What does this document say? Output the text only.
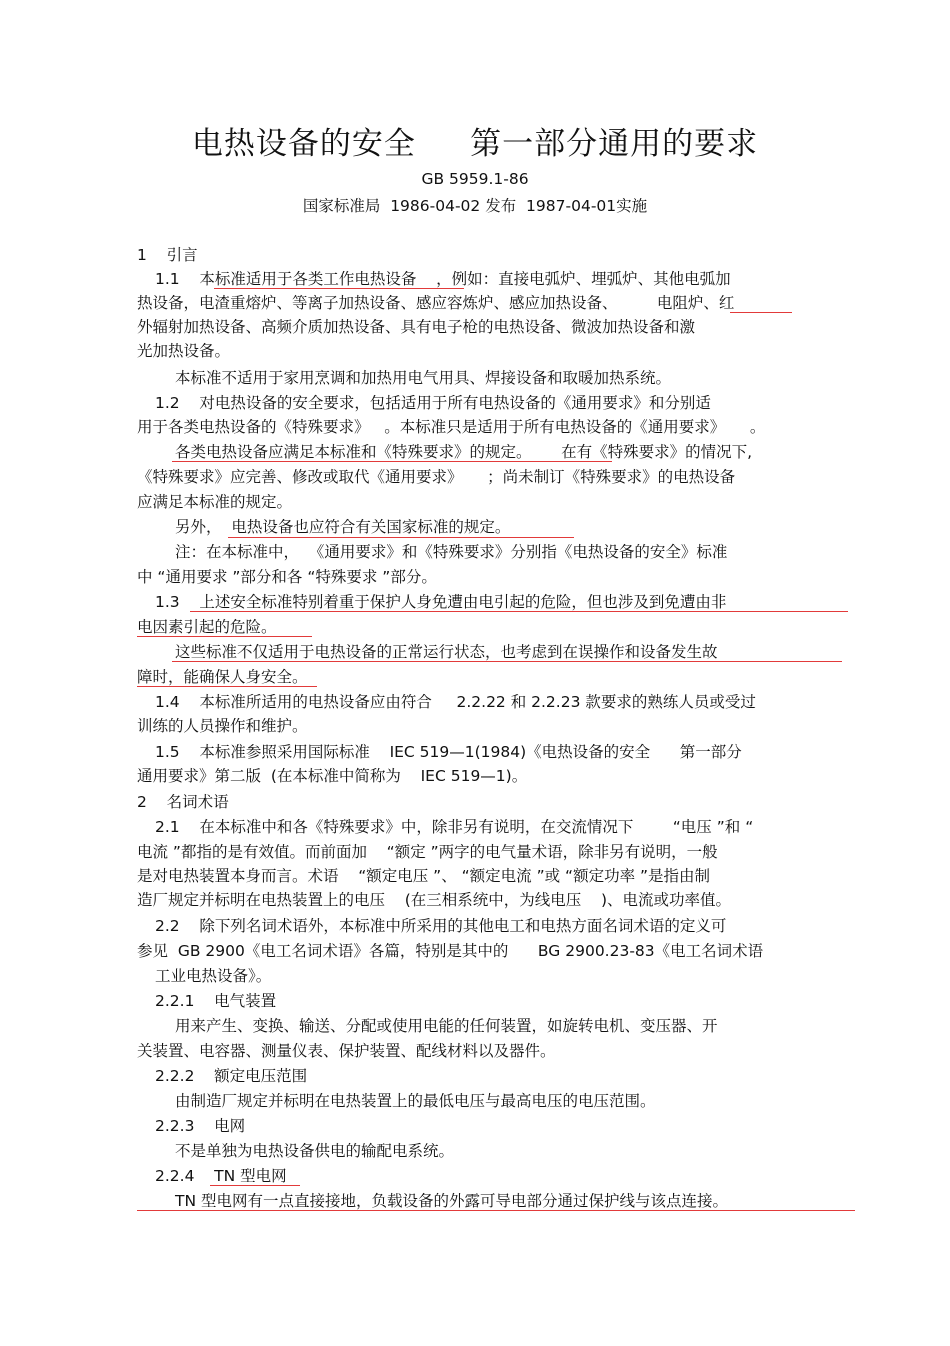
电热设备的安全     第一部分通用的要求
GB 5959.1-86
国家标准局  1986-04-02 发布  1987-04-01实施
1    引言
1.1    本标准适用于各类工作电热设备    ，例如：直接电弧炉、埋弧炉、其他电弧加
热设备，电渣重熔炉、等离子加热设备、感应容炼炉、感应加热设备、        电阻炉、红
外辐射加热设备、高频介质加热设备、具有电子枪的电热设备、微波加热设备和激
光加热设备。
本标准不适用于家用烹调和加热用电气用具、焊接设备和取暖加热系统。
1.2    对电热设备的安全要求，包括适用于所有电热设备的《通用要求》和分别适
用于各类电热设备的《特殊要求》   。本标准只是适用于所有电热设备的《通用要求》     。
各类电热设备应满足本标准和《特殊要求》的规定。      在有《特殊要求》的情况下,
《特殊要求》应完善、修改或取代《通用要求》     ；尚未制订《特殊要求》的电热设备
应满足本标准的规定。
另外，  电热设备也应符合有关国家标准的规定。
注：在本标准中，  《通用要求》和《特殊要求》分别指《电热设备的安全》标准
中 “通用要求 ”部分和各 “特殊要求 ”部分。
1.3    上述安全标准特别着重于保护人身免遭由电引起的危险，但也涉及到免遭由非
电因素引起的危险。
这些标准不仅适用于电热设备的正常运行状态，也考虑到在误操作和设备发生故
障时，能确保人身安全。
1.4    本标准所适用的电热设备应由符合     2.2.22 和 2.2.23 款要求的熟练人员或受过
训练的人员操作和维护。
1.5    本标准参照采用国际标准    IEC 519—1(1984)《电热设备的安全      第一部分
通用要求》第二版  (在本标准中简称为    IEC 519—1)。
2    名词术语
2.1    在本标准中和各《特殊要求》中，除非另有说明，在交流情况下        “电压 ”和 “
电流 ”都指的是有效值。而前面加    “额定 ”两字的电气量术语，除非另有说明，一般
是对电热装置本身而言。术语    “额定电压 ”、 “额定电流 ”或 “额定功率 ”是指由制
造厂规定并标明在电热装置上的电压    (在三相系统中，为线电压    )、电流或功率值。
2.2    除下列名词术语外，本标准中所采用的其他电工和电热方面名词术语的定义可
参见  GB 2900《电工名词术语》各篇，特别是其中的      BG 2900.23-83《电工名词术语
工业电热设备》。
2.2.1    电气装置
用来产生、变换、输送、分配或使用电能的任何装置，如旋转电机、变压器、开
关装置、电容器、测量仪表、保护装置、配线材料以及器件。
2.2.2    额定电压范围
由制造厂规定并标明在电热装置上的最低电压与最高电压的电压范围。
2.2.3    电网
不是单独为电热设备供电的输配电系统。
2.2.4    TN 型电网
TN 型电网有一点直接接地，负载设备的外露可导电部分通过保护线与该点连接。
